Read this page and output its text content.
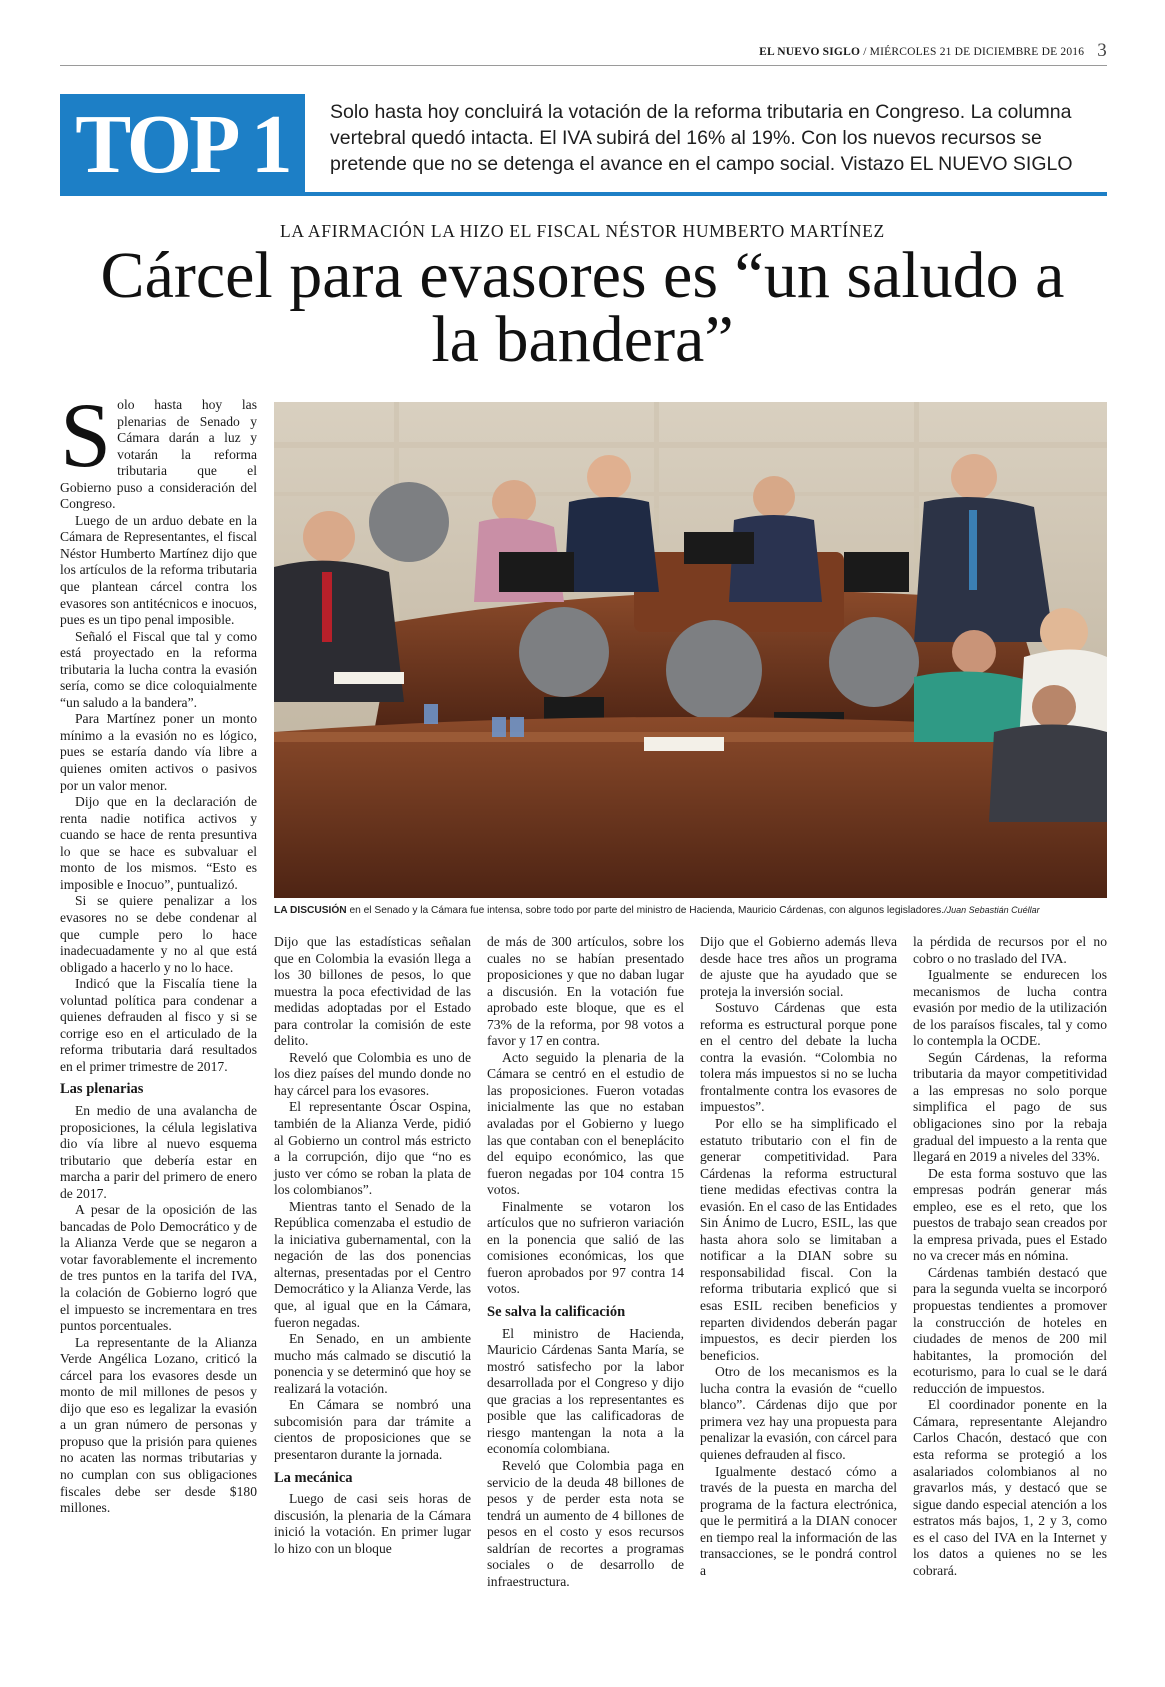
EL NUEVO SIGLO / MIÉRCOLES 21 DE DICIEMBRE DE 2016 3
TOP 1	Solo hasta hoy concluirá la votación de la reforma tributaria en Congreso. La columna vertebral quedó intacta. El IVA subirá del 16% al 19%. Con los nuevos recursos se pretende que no se detenga el avance en el campo social. Vistazo EL NUEVO SIGLO
LA AFIRMACIÓN LA HIZO EL FISCAL NÉSTOR HUMBERTO MARTÍNEZ
Cárcel para evasores es “un saludo a la bandera”
S olo hasta hoy las plenarias de Senado y Cámara darán a luz y votarán la reforma tributaria que el Gobierno puso a consideración del Congreso.

Luego de un arduo debate en la Cámara de Representantes, el fiscal Néstor Humberto Martínez dijo que los artículos de la reforma tributaria que plantean cárcel contra los evasores son antitécnicos e inocuos, pues es un tipo penal imposible.

Señaló el Fiscal que tal y como está proyectado en la reforma tributaria la lucha contra la evasión sería, como se dice coloquialmente “un saludo a la bandera”.

Para Martínez poner un monto mínimo a la evasión no es lógico, pues se estaría dando vía libre a quienes omiten activos o pasivos por un valor menor.

Dijo que en la declaración de renta nadie notifica activos y cuando se hace de renta presuntiva lo que se hace es subvaluar el monto de los mismos. “Esto es imposible e Inocuo”, puntualizó.

Si se quiere penalizar a los evasores no se debe condenar al que cumple pero lo hace inadecuadamente y no al que está obligado a hacerlo y no lo hace.

Indicó que la Fiscalía tiene la voluntad política para condenar a quienes defrauden al fisco y si se corrige eso en el articulado de la reforma tributaria dará resultados en el primer trimestre de 2017.

Las plenarias

En medio de una avalancha de proposiciones, la célula legislativa dio vía libre al nuevo esquema tributario que debería estar en marcha a parir del primero de enero de 2017.

A pesar de la oposición de las bancadas de Polo Democrático y de la Alianza Verde que se negaron a votar favorablemente el incremento de tres puntos en la tarifa del IVA, la colación de Gobierno logró que el impuesto se incrementara en tres puntos porcentuales.

La representante de la Alianza Verde Angélica Lozano, criticó la cárcel para los evasores desde un monto de mil millones de pesos y dijo que eso es legalizar la evasión a un gran número de personas y propuso que la prisión para quienes no acaten las normas tributarias y no cumplan con sus obligaciones fiscales debe ser desde $180 millones.

LA DISCUSIÓN en el Senado y la Cámara fue intensa, sobre todo por parte del ministro de Hacienda, Mauricio Cárdenas, con algunos legisladores./Juan Sebastián Cuéllar

Dijo que las estadísticas señalan que en Colombia la evasión llega a los 30 billones de pesos, lo que muestra la poca efectividad de las medidas adoptadas por el Estado para controlar la comisión de este delito.

Reveló que Colombia es uno de los diez países del mundo donde no hay cárcel para los evasores.

El representante Óscar Ospina, también de la Alianza Verde, pidió al Gobierno un control más estricto a la corrupción, dijo que “no es justo ver cómo se roban la plata de los colombianos”.

Mientras tanto el Senado de la República comenzaba el estudio de la iniciativa gubernamental, con la negación de las dos ponencias alternas, presentadas por el Centro Democrático y la Alianza Verde, las que, al igual que en la Cámara, fueron negadas.

En Senado, en un ambiente mucho más calmado se discutió la ponencia y se determinó que hoy se realizará la votación.

En Cámara se nombró una subcomisión para dar trámite a cientos de proposiciones que se presentaron durante la jornada.

La mecánica

Luego de casi seis horas de discusión, la plenaria de la Cámara inició la votación. En primer lugar lo hizo con un bloque

de más de 300 artículos, sobre los cuales no se habían presentado proposiciones y que no daban lugar a discusión. En la votación fue aprobado este bloque, que es el 73% de la reforma, por 98 votos a favor y 17 en contra.

Acto seguido la plenaria de la Cámara se centró en el estudio de las proposiciones. Fueron votadas inicialmente las que no estaban avaladas por el Gobierno y luego las que contaban con el beneplácito del equipo económico, las que fueron negadas por 104 contra 15 votos.

Finalmente se votaron los artículos que no sufrieron variación en la ponencia que salió de las comisiones económicas, los que fueron aprobados por 97 contra 14 votos.

Se salva la calificación

El ministro de Hacienda, Mauricio Cárdenas Santa María, se mostró satisfecho por la labor desarrollada por el Congreso y dijo que gracias a los representantes es posible que las calificadoras de riesgo mantengan la nota a la economía colombiana.

Reveló que Colombia paga en servicio de la deuda 48 billones de pesos y de perder esta nota se tendrá un aumento de 4 billones de pesos en el costo y esos recursos saldrían de recortes a programas sociales o de desarrollo de infraestructura.

Dijo que el Gobierno además lleva desde hace tres años un programa de ajuste que ha ayudado que se proteja la inversión social.

Sostuvo Cárdenas que esta reforma es estructural porque pone en el centro del debate la lucha contra la evasión. “Colombia no tolera más impuestos si no se lucha frontalmente contra los evasores de impuestos”.

Por ello se ha simplificado el estatuto tributario con el fin de generar competitividad. Para Cárdenas la reforma estructural tiene medidas efectivas contra la evasión. En el caso de las Entidades Sin Ánimo de Lucro, ESIL, las que hasta ahora solo se limitaban a notificar a la DIAN sobre su responsabilidad fiscal. Con la reforma tributaria explicó que si esas ESIL reciben beneficios y reparten dividendos deberán pagar impuestos, es decir pierden los beneficios.

Otro de los mecanismos es la lucha contra la evasión de “cuello blanco”. Cárdenas dijo que por primera vez hay una propuesta para penalizar la evasión, con cárcel para quienes defrauden al fisco.

Igualmente destacó cómo a través de la puesta en marcha del programa de la factura electrónica, que le permitirá a la DIAN conocer en tiempo real la información de las transacciones, se le pondrá control a

la pérdida de recursos por el no cobro o no traslado del IVA.

Igualmente se endurecen los mecanismos de lucha contra evasión por medio de la utilización de los paraísos fiscales, tal y como lo contempla la OCDE.

Según Cárdenas, la reforma tributaria da mayor competitividad a las empresas no solo porque simplifica el pago de sus obligaciones sino por la rebaja gradual del impuesto a la renta que llegará en 2019 a niveles del 33%.

De esta forma sostuvo que las empresas podrán generar más empleo, ese es el reto, que los puestos de trabajo sean creados por la empresa privada, pues el Estado no va crecer más en nómina.

Cárdenas también destacó que para la segunda vuelta se incorporó propuestas tendientes a promover la construcción de hoteles en ciudades de menos de 200 mil habitantes, la promoción del ecoturismo, para lo cual se le dará reducción de impuestos.

El coordinador ponente en la Cámara, representante Alejandro Carlos Chacón, destacó que con esta reforma se protegió a los asalariados colombianos al no gravarlos más, y destacó que se sigue dando especial atención a los estratos más bajos, 1, 2 y 3, como es el caso del IVA en la Internet y los datos a quienes no se les cobrará.
